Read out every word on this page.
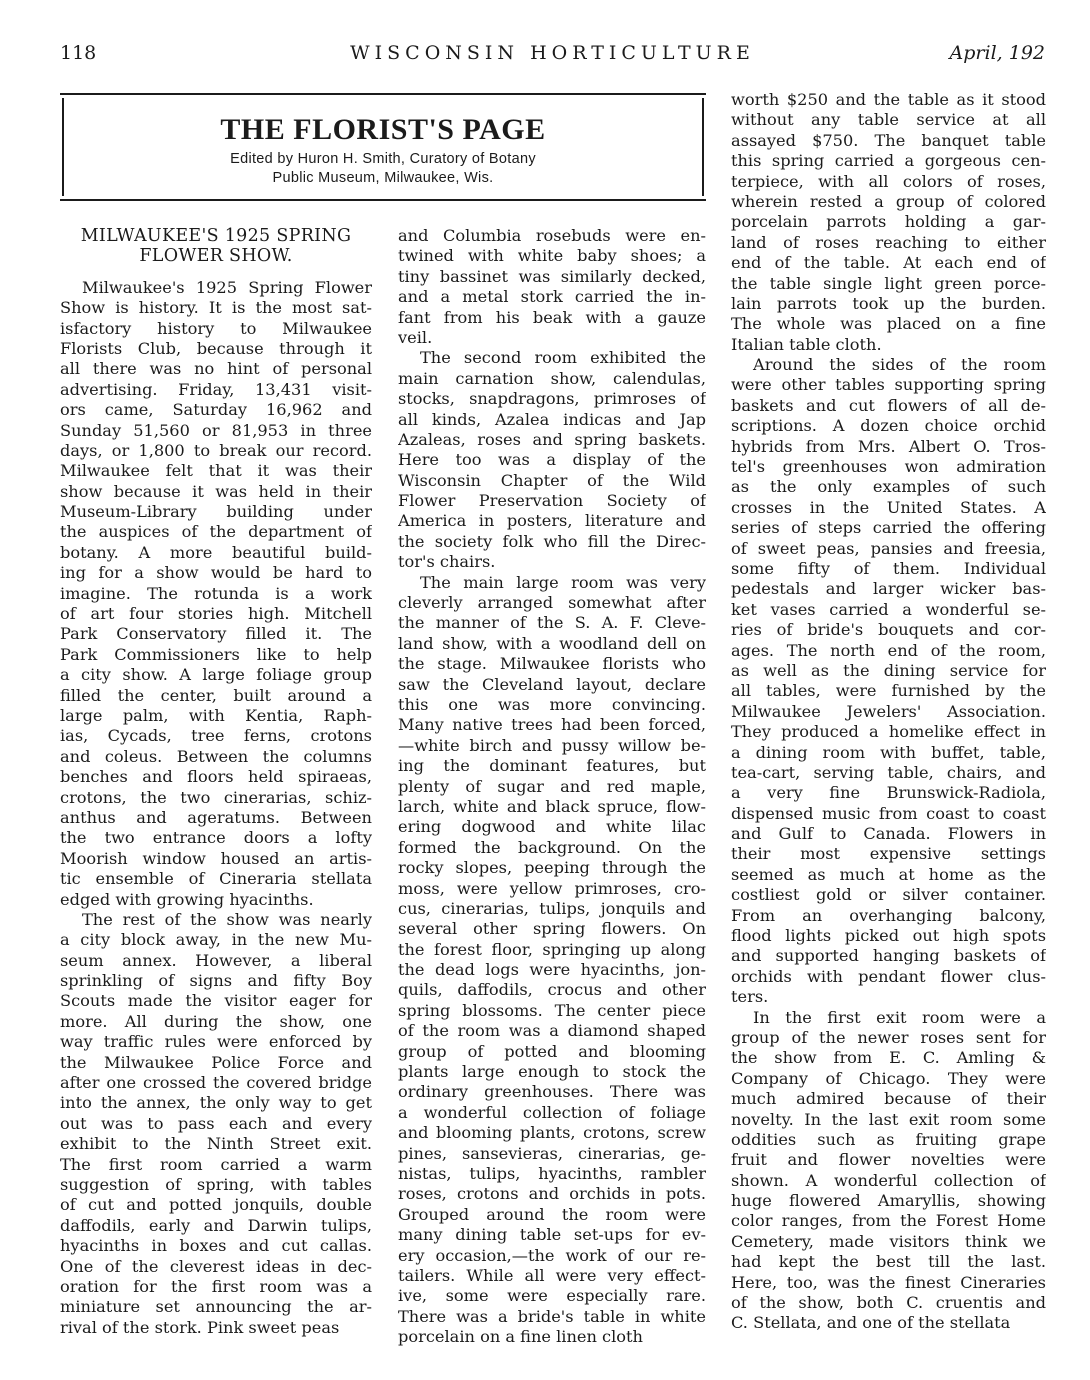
118	WISCONSIN HORTICULTURE	April, 192
THE FLORIST'S PAGE
Edited by Huron H. Smith, Curatory of Botany
Public Museum, Milwaukee, Wis.
MILWAUKEE'S 1925 SPRING
FLOWER SHOW.
Milwaukee's 1925 Spring Flower
Show is history. It is the most sat-
isfactory history to Milwaukee
Florists Club, because through it
all there was no hint of personal
advertising. Friday, 13,431 visit-
ors came, Saturday 16,962 and
Sunday 51,560 or 81,953 in three
days, or 1,800 to break our record.
Milwaukee felt that it was their
show because it was held in their
Museum-Library building under
the auspices of the department of
botany. A more beautiful build-
ing for a show would be hard to
imagine. The rotunda is a work
of art four stories high. Mitchell
Park Conservatory filled it. The
Park Commissioners like to help
a city show. A large foliage group
filled the center, built around a
large palm, with Kentia, Raph-
ias, Cycads, tree ferns, crotons
and coleus. Between the columns
benches and floors held spiraeas,
crotons, the two cinerarias, schiz-
anthus and ageratums. Between
the two entrance doors a lofty
Moorish window housed an artis-
tic ensemble of Cineraria stellata
edged with growing hyacinths.
The rest of the show was nearly
a city block away, in the new Mu-
seum annex. However, a liberal
sprinkling of signs and fifty Boy
Scouts made the visitor eager for
more. All during the show, one
way traffic rules were enforced by
the Milwaukee Police Force and
after one crossed the covered bridge
into the annex, the only way to get
out was to pass each and every
exhibit to the Ninth Street exit.
The first room carried a warm
suggestion of spring, with tables
of cut and potted jonquils, double
daffodils, early and Darwin tulips,
hyacinths in boxes and cut callas.
One of the cleverest ideas in dec-
oration for the first room was a
miniature set announcing the ar-
rival of the stork. Pink sweet peas
and Columbia rosebuds were en-
twined with white baby shoes; a
tiny bassinet was similarly decked,
and a metal stork carried the in-
fant from his beak with a gauze
veil.
The second room exhibited the
main carnation show, calendulas,
stocks, snapdragons, primroses of
all kinds, Azalea indicas and Jap
Azaleas, roses and spring baskets.
Here too was a display of the
Wisconsin Chapter of the Wild
Flower Preservation Society of
America in posters, literature and
the society folk who fill the Direc-
tor's chairs.
The main large room was very
cleverly arranged somewhat after
the manner of the S. A. F. Cleve-
land show, with a woodland dell on
the stage. Milwaukee florists who
saw the Cleveland layout, declare
this one was more convincing.
Many native trees had been forced,
—white birch and pussy willow be-
ing the dominant features, but
plenty of sugar and red maple,
larch, white and black spruce, flow-
ering dogwood and white lilac
formed the background. On the
rocky slopes, peeping through the
moss, were yellow primroses, cro-
cus, cinerarias, tulips, jonquils and
several other spring flowers. On
the forest floor, springing up along
the dead logs were hyacinths, jon-
quils, daffodils, crocus and other
spring blossoms. The center piece
of the room was a diamond shaped
group of potted and blooming
plants large enough to stock the
ordinary greenhouses. There was
a wonderful collection of foliage
and blooming plants, crotons, screw
pines, sansevieras, cinerarias, ge-
nistas, tulips, hyacinths, rambler
roses, crotons and orchids in pots.
Grouped around the room were
many dining table set-ups for ev-
ery occasion,—the work of our re-
tailers. While all were very effect-
ive, some were especially rare.
There was a bride's table in white
porcelain on a fine linen cloth
worth $250 and the table as it stood
without any table service at all
assayed $750. The banquet table
this spring carried a gorgeous cen-
terpiece, with all colors of roses,
wherein rested a group of colored
porcelain parrots holding a gar-
land of roses reaching to either
end of the table. At each end of
the table single light green porce-
lain parrots took up the burden.
The whole was placed on a fine
Italian table cloth.
Around the sides of the room
were other tables supporting spring
baskets and cut flowers of all de-
scriptions. A dozen choice orchid
hybrids from Mrs. Albert O. Tros-
tel's greenhouses won admiration
as the only examples of such
crosses in the United States. A
series of steps carried the offering
of sweet peas, pansies and freesia,
some fifty of them. Individual
pedestals and larger wicker bas-
ket vases carried a wonderful se-
ries of bride's bouquets and cor-
ages. The north end of the room,
as well as the dining service for
all tables, were furnished by the
Milwaukee Jewelers' Association.
They produced a homelike effect in
a dining room with buffet, table,
tea-cart, serving table, chairs, and
a very fine Brunswick-Radiola,
dispensed music from coast to coast
and Gulf to Canada. Flowers in
their most expensive settings
seemed as much at home as the
costliest gold or silver container.
From an overhanging balcony,
flood lights picked out high spots
and supported hanging baskets of
orchids with pendant flower clus-
ters.
In the first exit room were a
group of the newer roses sent for
the show from E. C. Amling &
Company of Chicago. They were
much admired because of their
novelty. In the last exit room some
oddities such as fruiting grape
fruit and flower novelties were
shown. A wonderful collection of
huge flowered Amaryllis, showing
color ranges, from the Forest Home
Cemetery, made visitors think we
had kept the best till the last.
Here, too, was the finest Cineraries
of the show, both C. cruentis and
C. Stellata, and one of the stellata
